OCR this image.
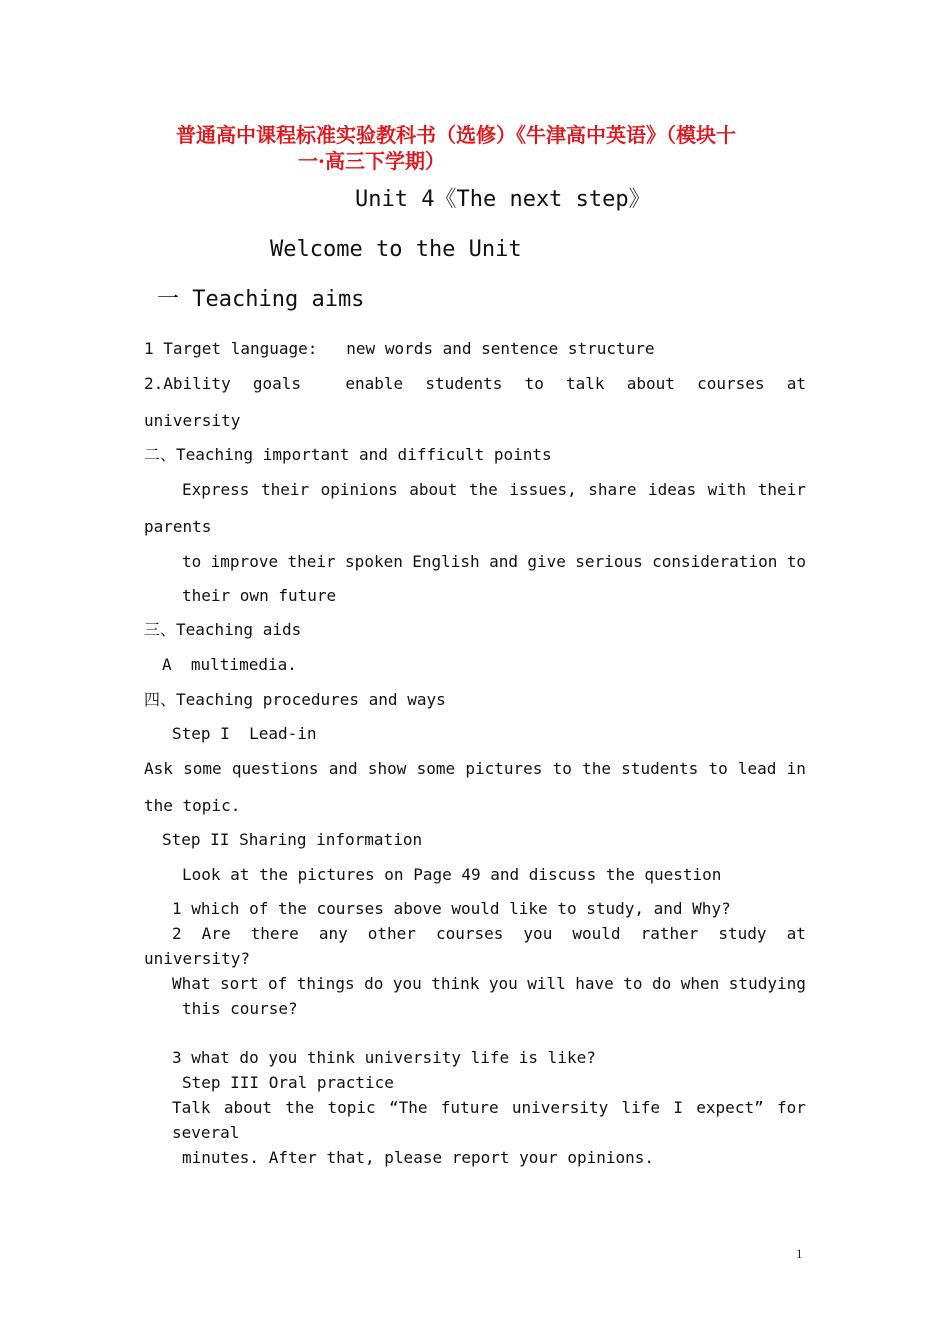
普通高中课程标准实验教科书（选修）《牛津高中英语》（模块十
一·高三下学期）
Unit 4《The next step》
Welcome to the Unit
一 Teaching aims
1 Target language:   new words and sentence structure
2.Ability goals	enable students to talk about courses at
university
二、Teaching important and difficult points
Express their opinions about the issues, share ideas with their
parents
to improve their spoken English and give serious consideration to
their own future
三、Teaching aids
A  multimedia.
四、Teaching procedures and ways
Step I  Lead-in
Ask some questions and show some pictures to the students to lead in
the topic.
Step II Sharing information
Look at the pictures on Page 49 and discuss the question
1 which of the courses above would like to study, and Why?
2 Are there any other courses you would rather study at
university?
What sort of things do you think you will have to do when studying
this course?
3 what do you think university life is like?
Step III Oral practice
Talk about the topic “The future university life I expect” for
several
minutes. After that, please report your opinions.
1
